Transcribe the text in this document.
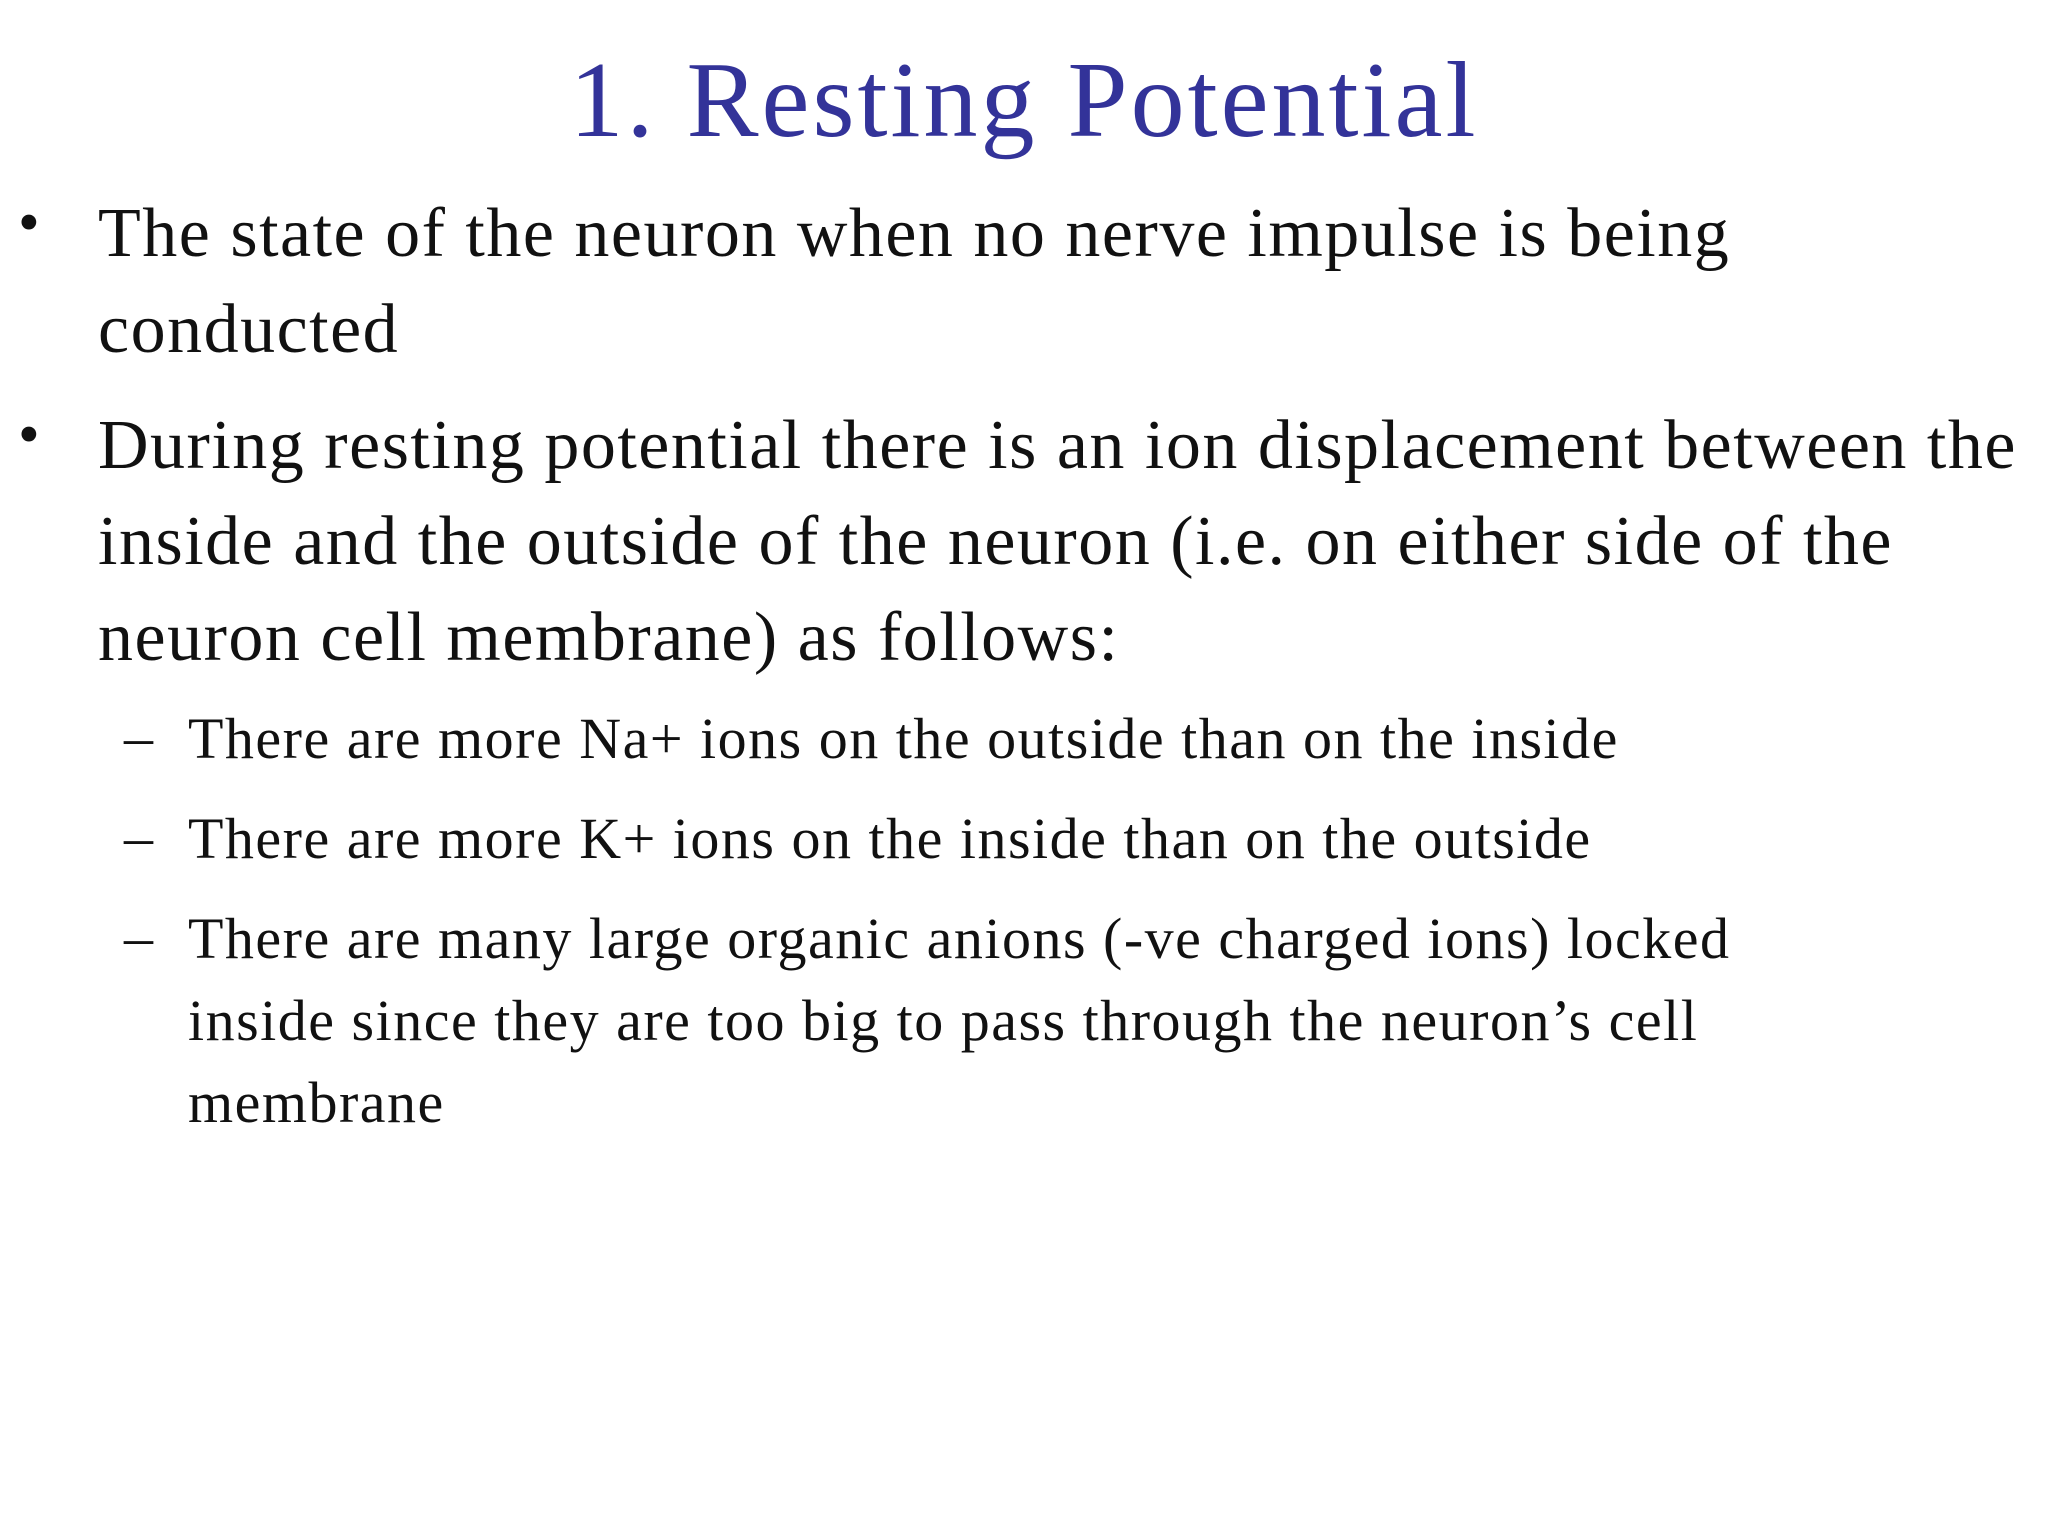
1. Resting Potential
• The state of the neuron when no nerve impulse is being conducted
• During resting potential there is an ion displacement between the inside and the outside of the neuron (i.e. on either side of the neuron cell membrane) as follows:
– There are more Na+ ions on the outside than on the inside
– There are more K+ ions on the inside than on the outside
– There are many large organic anions (-ve charged ions) locked inside since they are too big to pass through the neuron’s cell membrane
